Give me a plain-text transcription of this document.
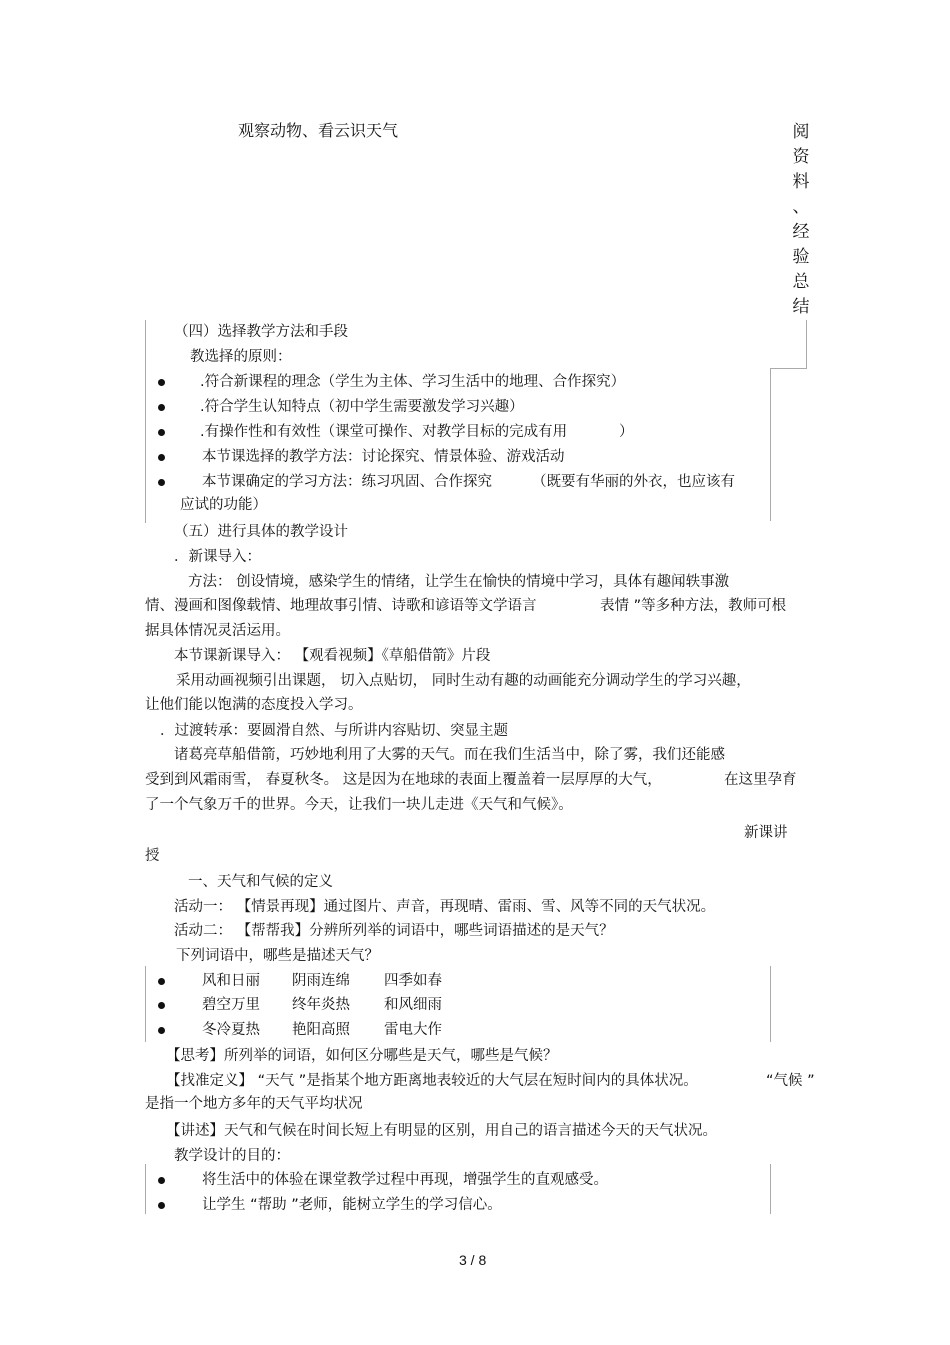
观察动物、看云识天气	阅
资
料
、
经
验
总
结
（四）选择教学方法和手段
教选择的原则：
.符合新课程的理念（学生为主体、学习生活中的地理、合作探究）
.符合学生认知特点（初中学生需要激发学习兴趣）
.有操作性和有效性（课堂可操作、对教学目标的完成有用	）
本节课选择的教学方法：讨论探究、情景体验、游戏活动
本节课确定的学习方法：练习巩固、合作探究	（既要有华丽的外衣，也应该有
应试的功能）
（五）进行具体的教学设计
．新课导入：
方法： 创设情境，感染学生的情绪，让学生在愉快的情境中学习，具体有趣闻轶事激
情、漫画和图像载情、地理故事引情、诗歌和谚语等文学语言	表情 ”等多种方法，教师可根
据具体情况灵活运用。
本节课新课导入： 【观看视频】《草船借箭》片段
采用动画视频引出课题， 切入点贴切， 同时生动有趣的动画能充分调动学生的学习兴趣，
让他们能以饱满的态度投入学习。
．过渡转承：要圆滑自然、与所讲内容贴切、突显主题
诸葛亮草船借箭，巧妙地利用了大雾的天气。而在我们生活当中，除了雾，我们还能感
受到到风霜雨雪， 春夏秋冬。 这是因为在地球的表面上覆盖着一层厚厚的大气，	在这里孕育
了一个气象万千的世界。今天，让我们一块儿走进《天气和气候》。
新课讲
授
一、天气和气候的定义
活动一： 【情景再现】通过图片、声音，再现晴、雷雨、雪、风等不同的天气状况。
活动二： 【帮帮我】分辨所列举的词语中，哪些词语描述的是天气？
下列词语中，哪些是描述天气？
风和日丽 阴雨连绵 四季如春
碧空万里 终年炎热 和风细雨
冬冷夏热 艳阳高照 雷电大作
【思考】所列举的词语，如何区分哪些是天气，哪些是气候？
【找准定义】 “天气 ”是指某个地方距离地表较近的大气层在短时间内的具体状况。	“气候 ”
是指一个地方多年的天气平均状况
【讲述】天气和气候在时间长短上有明显的区别，用自己的语言描述今天的天气状况。
教学设计的目的：
将生活中的体验在课堂教学过程中再现，增强学生的直观感受。
让学生 “帮助 ”老师，能树立学生的学习信心。
3 / 8
